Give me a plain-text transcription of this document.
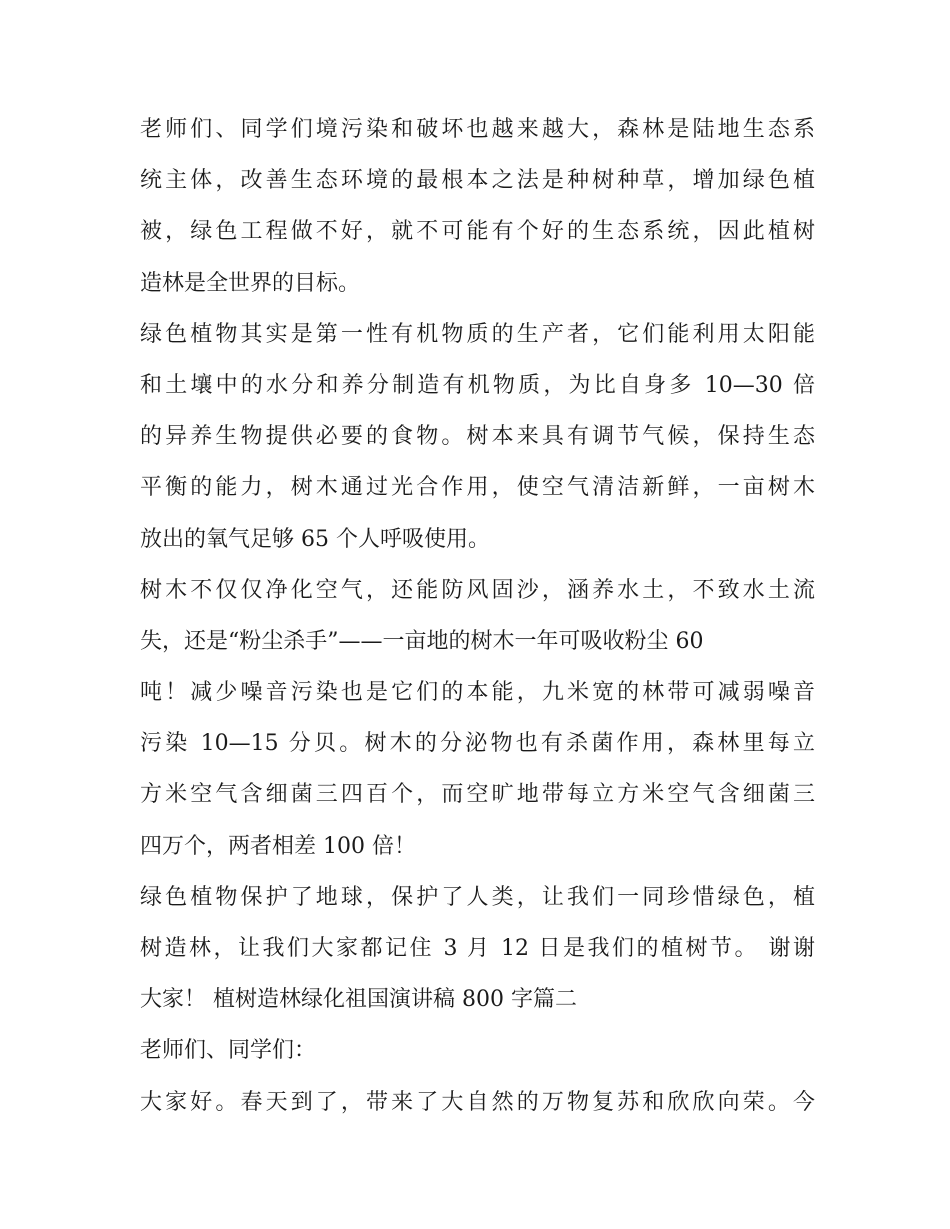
老师们、同学们境污染和破坏也越来越大，森林是陆地生态系
统主体，改善生态环境的最根本之法是种树种草，增加绿色植
被，绿色工程做不好，就不可能有个好的生态系统，因此植树
造林是全世界的目标。
绿色植物其实是第一性有机物质的生产者，它们能利用太阳能
和土壤中的水分和养分制造有机物质，为比自身多 10—30 倍
的异养生物提供必要的食物。树本来具有调节气候，保持生态
平衡的能力，树木通过光合作用，使空气清洁新鲜，一亩树木
放出的氧气足够 65 个人呼吸使用。
树木不仅仅净化空气，还能防风固沙，涵养水土，不致水土流
失，还是“粉尘杀手”——一亩地的树木一年可吸收粉尘 60
吨！减少噪音污染也是它们的本能，九米宽的林带可减弱噪音
污染 10—15 分贝。树木的分泌物也有杀菌作用，森林里每立
方米空气含细菌三四百个，而空旷地带每立方米空气含细菌三
四万个，两者相差 100 倍！
绿色植物保护了地球，保护了人类，让我们一同珍惜绿色，植
树造林，让我们大家都记住 3 月 12 日是我们的植树节。 谢谢
大家！ 植树造林绿化祖国演讲稿 800 字篇二
老师们、同学们：
大家好。春天到了，带来了大自然的万物复苏和欣欣向荣。今
